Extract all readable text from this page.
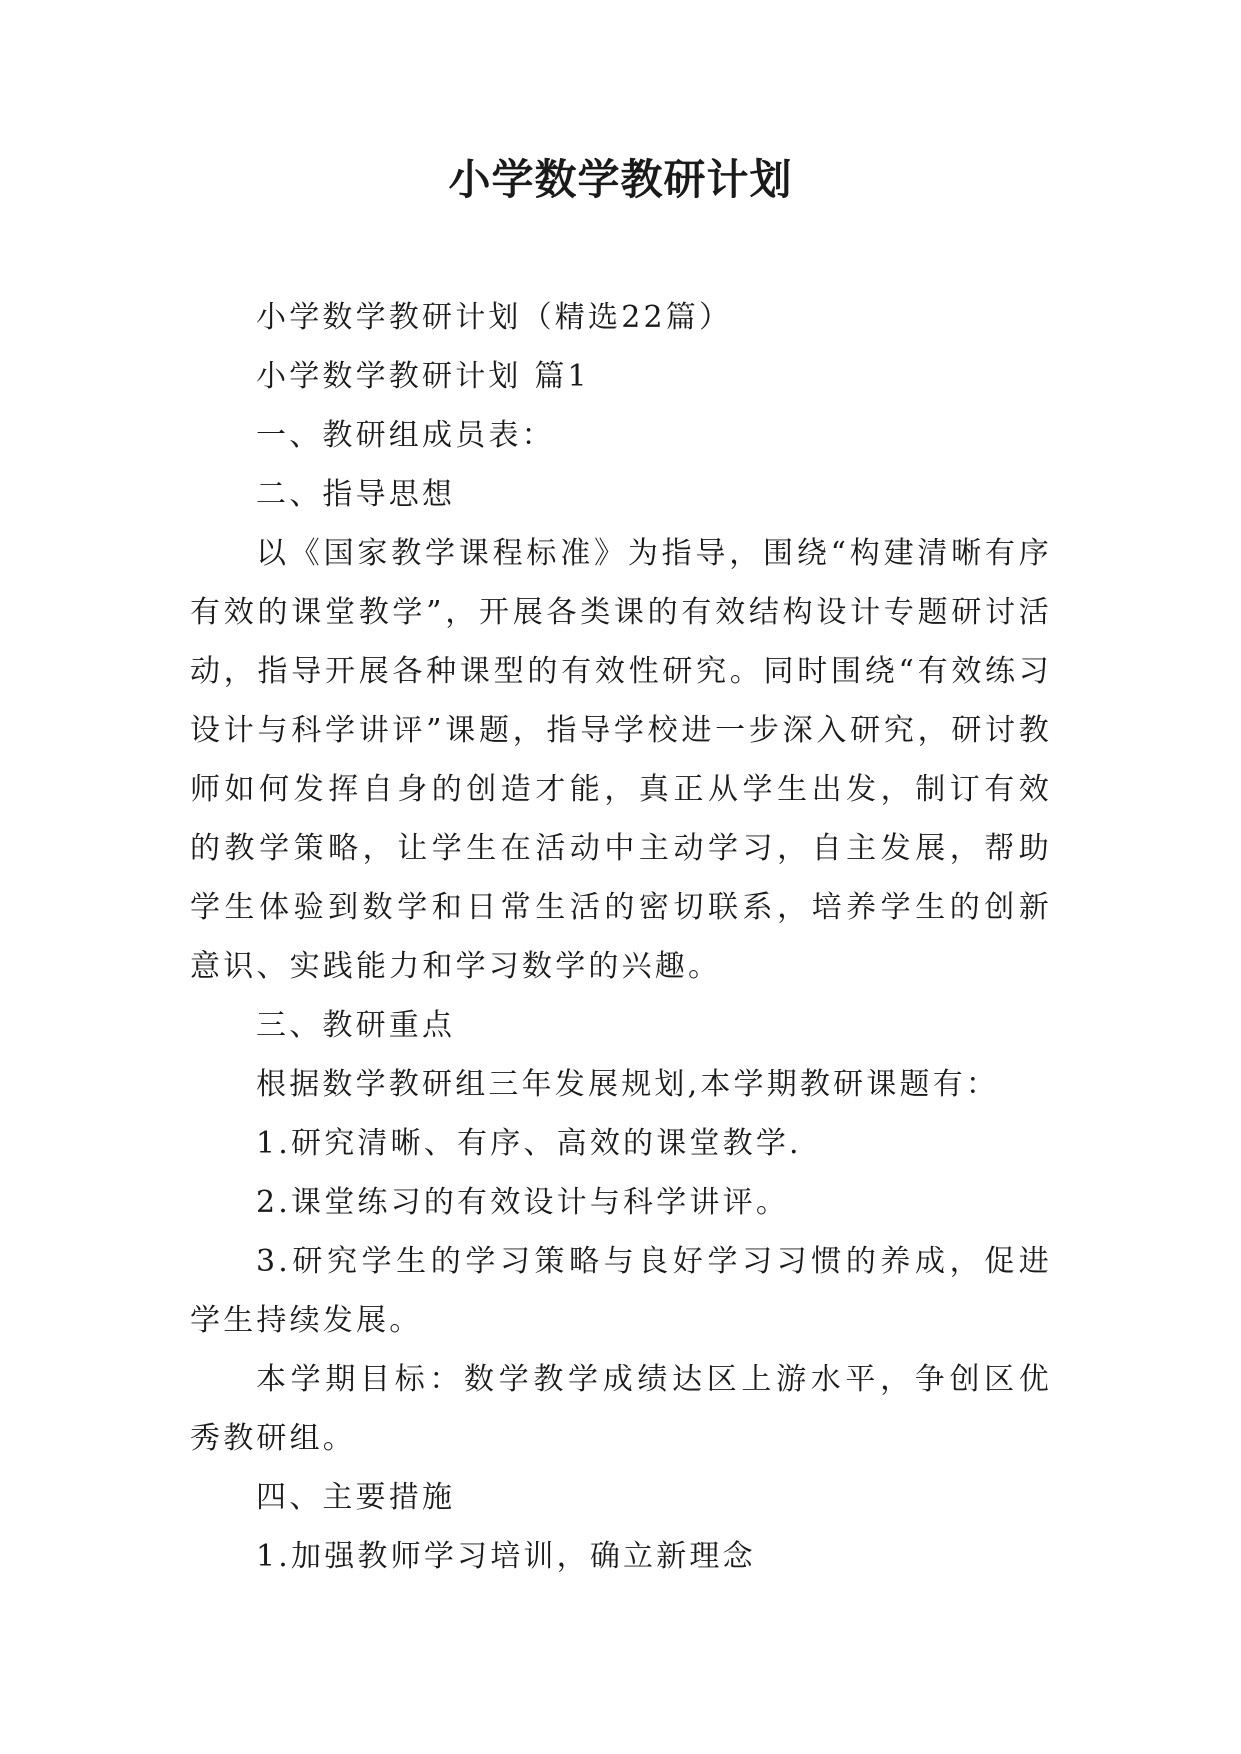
小学数学教研计划

小学数学教研计划（精选22篇）

小学数学教研计划 篇1

一、教研组成员表：

二、指导思想

以《国家教学课程标准》为指导，围绕“构建清晰有序有效的课堂教学”，开展各类课的有效结构设计专题研讨活动，指导开展各种课型的有效性研究。同时围绕“有效练习设计与科学讲评”课题，指导学校进一步深入研究，研讨教师如何发挥自身的创造才能，真正从学生出发，制订有效的教学策略，让学生在活动中主动学习，自主发展，帮助学生体验到数学和日常生活的密切联系，培养学生的创新意识、实践能力和学习数学的兴趣。

三、教研重点

根据数学教研组三年发展规划,本学期教研课题有：

1.研究清晰、有序、高效的课堂教学.

2.课堂练习的有效设计与科学讲评。

3.研究学生的学习策略与良好学习习惯的养成，促进学生持续发展。

本学期目标：数学教学成绩达区上游水平，争创区优秀教研组。

四、主要措施

1.加强教师学习培训，确立新理念
